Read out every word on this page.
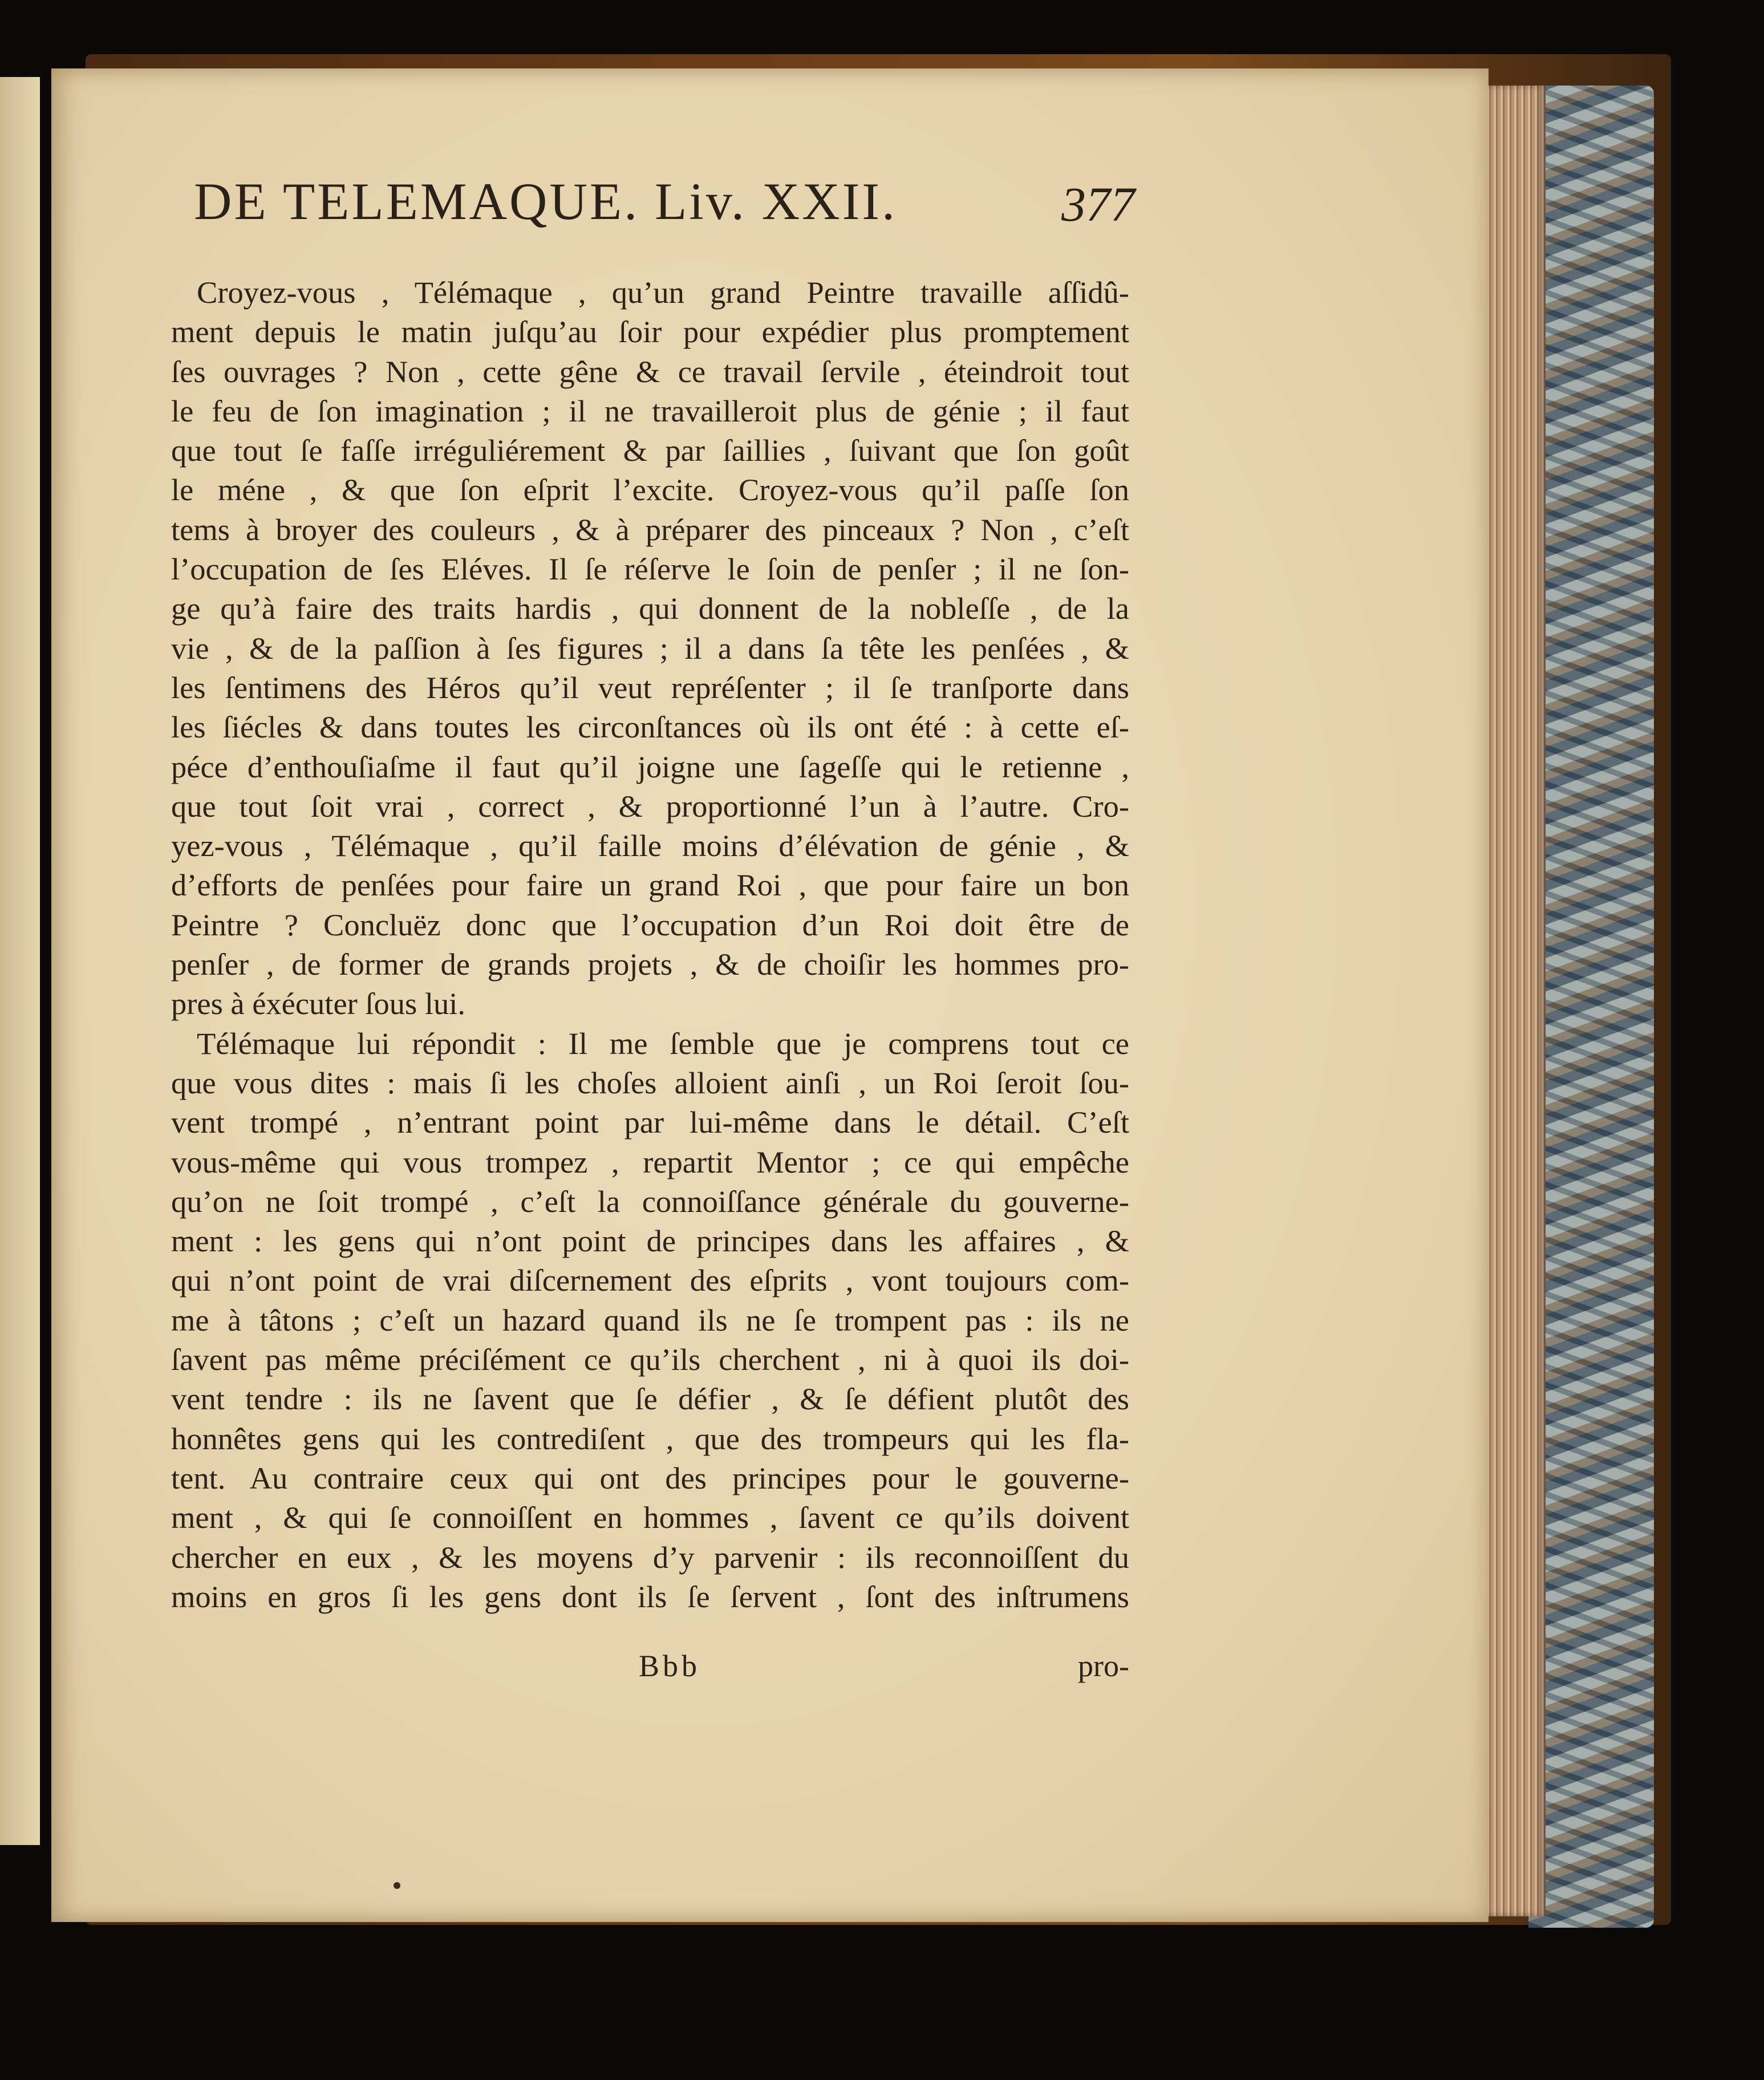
DE TELEMAQUE. Liv. XXII.	377
Croyez-vous , Télémaque , qu’un grand Peintre travaille aſſidû-
ment depuis le matin juſqu’au ſoir pour expédier plus promptement
ſes ouvrages ? Non , cette gêne & ce travail ſervile , éteindroit tout
le feu de ſon imagination ; il ne travailleroit plus de génie ; il faut
que tout ſe faſſe irréguliérement & par ſaillies , ſuivant que ſon goût
le méne , & que ſon eſprit l’excite. Croyez-vous qu’il paſſe ſon
tems à broyer des couleurs , & à préparer des pinceaux ? Non , c’eſt
l’occupation de ſes Eléves. Il ſe réſerve le ſoin de penſer ; il ne ſon-
ge qu’à faire des traits hardis , qui donnent de la nobleſſe , de la
vie , & de la paſſion à ſes figures ; il a dans ſa tête les penſées , &
les ſentimens des Héros qu’il veut repréſenter ; il ſe tranſporte dans
les ſiécles & dans toutes les circonſtances où ils ont été : à cette eſ-
péce d’enthouſiaſme il faut qu’il joigne une ſageſſe qui le retienne ,
que tout ſoit vrai , correct , & proportionné l’un à l’autre. Cro-
yez-vous , Télémaque , qu’il faille moins d’élévation de génie , &
d’efforts de penſées pour faire un grand Roi , que pour faire un bon
Peintre ? Concluëz donc que l’occupation d’un Roi doit être de
penſer , de former de grands projets , & de choiſir les hommes pro-
pres à éxécuter ſous lui.
Télémaque lui répondit : Il me ſemble que je comprens tout ce
que vous dites : mais ſi les choſes alloient ainſi , un Roi ſeroit ſou-
vent trompé , n’entrant point par lui-même dans le détail. C’eſt
vous-même qui vous trompez , repartit Mentor ; ce qui empêche
qu’on ne ſoit trompé , c’eſt la connoiſſance générale du gouverne-
ment : les gens qui n’ont point de principes dans les affaires , &
qui n’ont point de vrai diſcernement des eſprits , vont toujours com-
me à tâtons ; c’eſt un hazard quand ils ne ſe trompent pas : ils ne
ſavent pas même préciſément ce qu’ils cherchent , ni à quoi ils doi-
vent tendre : ils ne ſavent que ſe défier , & ſe défient plutôt des
honnêtes gens qui les contrediſent , que des trompeurs qui les fla-
tent. Au contraire ceux qui ont des principes pour le gouverne-
ment , & qui ſe connoiſſent en hommes , ſavent ce qu’ils doivent
chercher en eux , & les moyens d’y parvenir : ils reconnoiſſent du
moins en gros ſi les gens dont ils ſe ſervent , ſont des inſtrumens
Bbb	pro-
